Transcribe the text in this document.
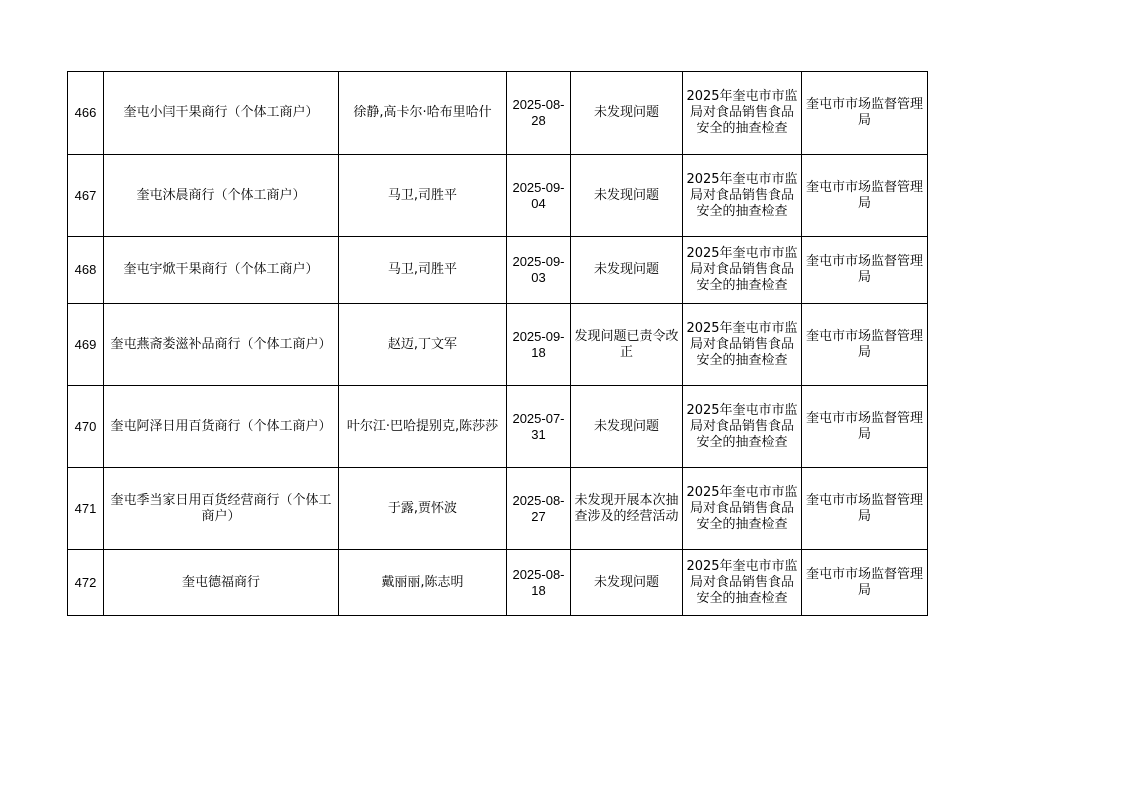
466	奎屯小闫干果商行（个体工商户）	徐静,高卡尔·哈布里哈什	2025-08-28	未发现问题	2025年奎屯市市监局对食品销售食品安全的抽查检查	奎屯市市场监督管理局
467	奎屯沐晨商行（个体工商户）	马卫,司胜平	2025-09-04	未发现问题	2025年奎屯市市监局对食品销售食品安全的抽查检查	奎屯市市场监督管理局
468	奎屯宇焮干果商行（个体工商户）	马卫,司胜平	2025-09-03	未发现问题	2025年奎屯市市监局对食品销售食品安全的抽查检查	奎屯市市场监督管理局
469	奎屯燕斋娄滋补品商行（个体工商户）	赵迈,丁文军	2025-09-18	发现问题已责令改正	2025年奎屯市市监局对食品销售食品安全的抽查检查	奎屯市市场监督管理局
470	奎屯阿泽日用百货商行（个体工商户）	叶尔江·巴哈提别克,陈莎莎	2025-07-31	未发现问题	2025年奎屯市市监局对食品销售食品安全的抽查检查	奎屯市市场监督管理局
471	奎屯季当家日用百货经营商行（个体工商户）	于露,贾怀波	2025-08-27	未发现开展本次抽查涉及的经营活动	2025年奎屯市市监局对食品销售食品安全的抽查检查	奎屯市市场监督管理局
472	奎屯德福商行	戴丽丽,陈志明	2025-08-18	未发现问题	2025年奎屯市市监局对食品销售食品安全的抽查检查	奎屯市市场监督管理局
